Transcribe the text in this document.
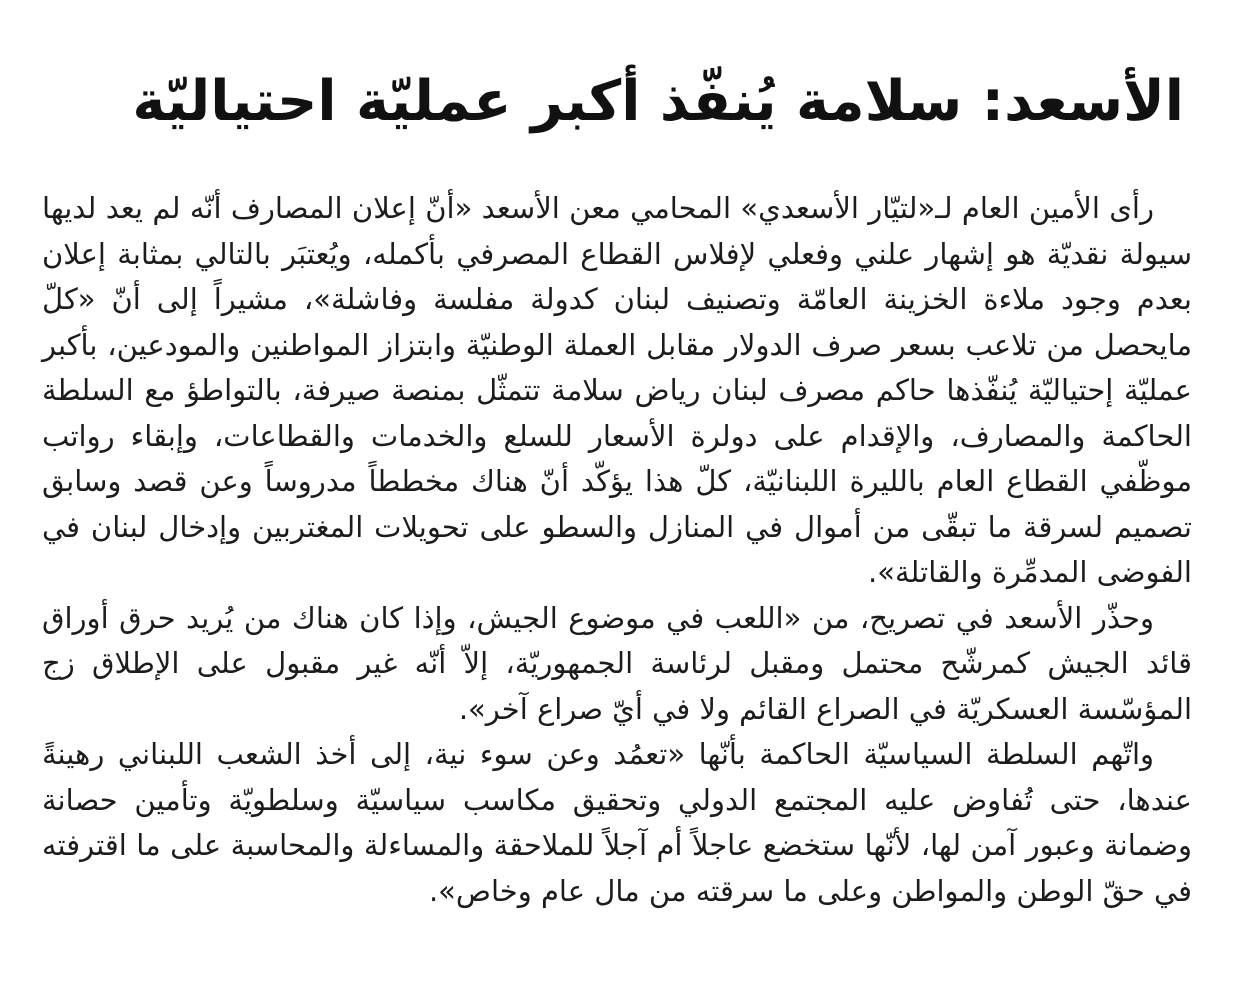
الأسعد: سلامة يُنفّذ أكبر عمليّة احتياليّة

رأى الأمين العام لـ«لتيّار الأسعدي» المحامي معن الأسعد «أنّ إعلان المصارف أنّه لم يعد لديها سيولة نقديّة هو إشهار علني وفعلي لإفلاس القطاع المصرفي بأكمله، ويُعتبَر بالتالي بمثابة إعلان بعدم وجود ملاءة الخزينة العامّة وتصنيف لبنان كدولة مفلسة وفاشلة»، مشيراً إلى أنّ «كلّ مايحصل من تلاعب بسعر صرف الدولار مقابل العملة الوطنيّة وابتزاز المواطنين والمودعين، بأكبر عمليّة إحتياليّة يُنفّذها حاكم مصرف لبنان رياض سلامة تتمثّل بمنصة صيرفة، بالتواطؤ مع السلطة الحاكمة والمصارف، والإقدام على دولرة الأسعار للسلع والخدمات والقطاعات، وإبقاء رواتب موظّفي القطاع العام بالليرة اللبنانيّة، كلّ هذا يؤكّد أنّ هناك مخططاً مدروساً وعن قصد وسابق تصميم لسرقة ما تبقّى من أموال في المنازل والسطو على تحويلات المغتربين وإدخال لبنان في الفوضى المدمِّرة والقاتلة».

وحذّر الأسعد في تصريح، من «اللعب في موضوع الجيش، وإذا كان هناك من يُريد حرق أوراق قائد الجيش كمرشّح محتمل ومقبل لرئاسة الجمهوريّة، إلاّ أنّه غير مقبول على الإطلاق زج المؤسّسة العسكريّة في الصراع القائم ولا في أيّ صراع آخر».

واتّهم السلطة السياسيّة الحاكمة بأنّها «تعمُد وعن سوء نية، إلى أخذ الشعب اللبناني رهينةً عندها، حتى تُفاوض عليه المجتمع الدولي وتحقيق مكاسب سياسيّة وسلطويّة وتأمين حصانة وضمانة وعبور آمن لها، لأنّها ستخضع عاجلاً أم آجلاً للملاحقة والمساءلة والمحاسبة على ما اقترفته في حقّ الوطن والمواطن وعلى ما سرقته من مال عام وخاص».
